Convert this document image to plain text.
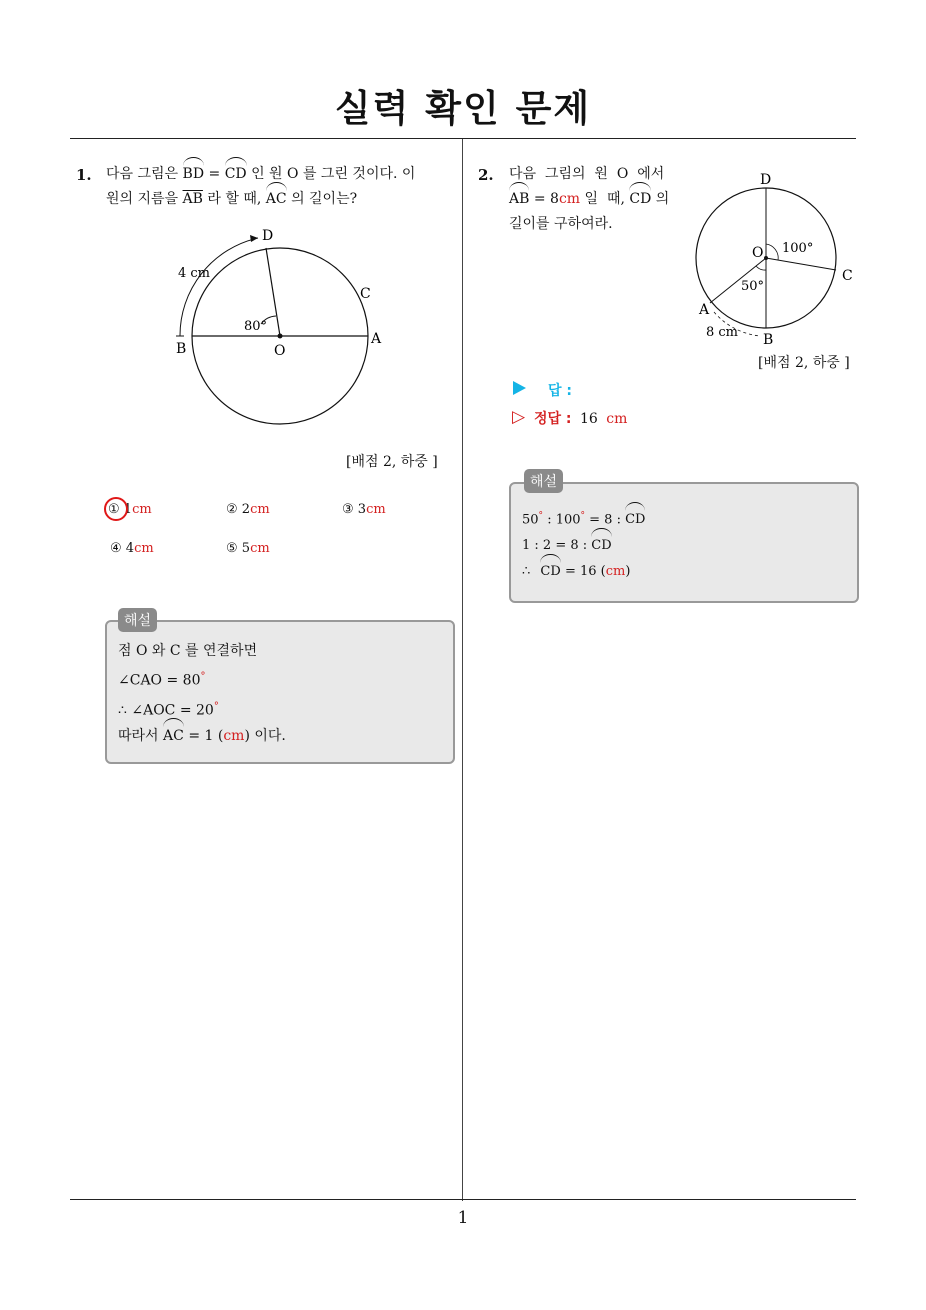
실력 확인 문제
1
1. 다음 그림은 BD = CD 인 원 O 를 그린 것이다. 이
원의 지름을 $\overline{AB}$ 라 할 때, AC 의 길이는?
D
C
B	O
A
80°
4 cm
[배점 2, 하중 ]
① 1cm	② 2cm	③ 3cm
④ 4cm	⑤ 5cm
해설
점 O 와 C 를 연결하면
∠CAO = 80°
∴ ∠AOC = 20°
따라서 AC = 1 (cm) 이다.
2. 다음  그림의  원  O  에서
AB = 8cm 일  때, CD 의
길이를 구하여라.
D
O
C
A
B
100°
50°
8 cm
[배점 2, 하중 ]
답 :
▷ 정답 : 16 cm
해설
50° : 100° = 8 : CD
1 : 2 = 8 : CD
∴ CD = 16 (cm)
